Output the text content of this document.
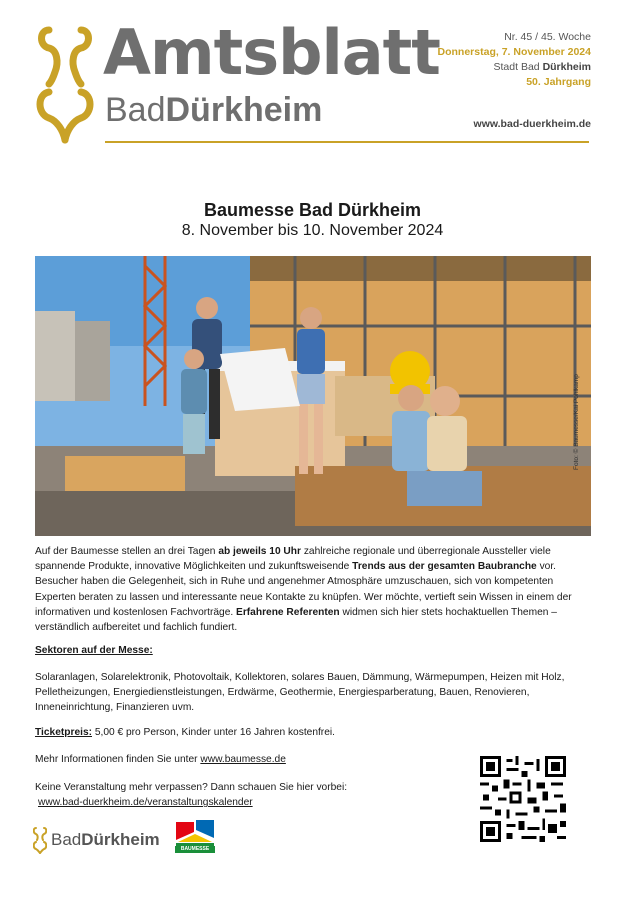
Amtsblatt
BadDürkheim
Nr. 45 / 45. Woche
Donnerstag, 7. November 2024
Stadt Bad Dürkheim
50. Jahrgang
www.bad-duerkheim.de
Baumesse Bad Dürkheim
8. November bis 10. November 2024
Foto: © Baumesse/Kai Pohlkamp

Auf der Baumesse stellen an drei Tagen ab jeweils 10 Uhr zahlreiche regionale und überregionale Aussteller viele spannende Produkte, innovative Möglichkeiten und zukunftsweisende Trends aus der gesamten Baubranche vor. Besucher haben die Gelegenheit, sich in Ruhe und angenehmer Atmosphäre umzuschauen, sich von kompetenten Experten beraten zu lassen und interessante neue Kontakte zu knüpfen. Wer möchte, vertieft sein Wissen in einem der informativen und kostenlosen Fachvorträge. Erfahrene Referenten widmen sich hier stets hochaktuellen Themen – verständlich aufbereitet und fachlich fundiert.

Sektoren auf der Messe:
Solaranlagen, Solarelektronik, Photovoltaik, Kollektoren, solares Bauen, Dämmung, Wärmepumpen, Heizen mit Holz, Pelletheizungen, Energiedienstleistungen, Erdwärme, Geothermie, Energiesparberatung, Bauen, Renovieren, Inneneinrichtung, Finanzieren uvm.
Ticketpreis: 5,00 € pro Person, Kinder unter 16 Jahren kostenfrei.
Mehr Informationen finden Sie unter www.baumesse.de
Keine Veranstaltung mehr verpassen? Dann schauen Sie hier vorbei:
www.bad-duerkheim.de/veranstaltungskalender
BadDürkheim	BAUMESSE
